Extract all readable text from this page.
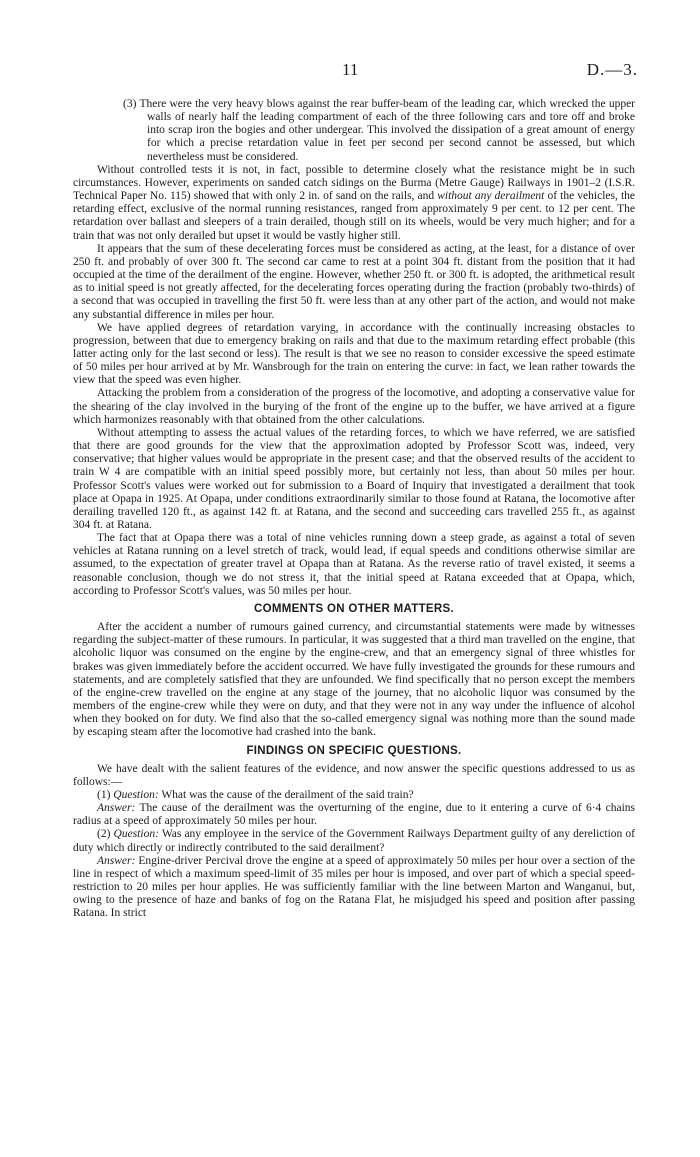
11	D.—3.

(3) There were the very heavy blows against the rear buffer-beam of the leading car, which wrecked the upper walls of nearly half the leading compartment of each of the three following cars and tore off and broke into scrap iron the bogies and other undergear. This involved the dissipation of a great amount of energy for which a precise retardation value in feet per second per second cannot be assessed, but which nevertheless must be considered.

Without controlled tests it is not, in fact, possible to determine closely what the resistance might be in such circumstances. However, experiments on sanded catch sidings on the Burma (Metre Gauge) Railways in 1901–2 (I.S.R. Technical Paper No. 115) showed that with only 2 in. of sand on the rails, and without any derailment of the vehicles, the retarding effect, exclusive of the normal running resistances, ranged from approximately 9 per cent. to 12 per cent. The retardation over ballast and sleepers of a train derailed, though still on its wheels, would be very much higher; and for a train that was not only derailed but upset it would be vastly higher still.

It appears that the sum of these decelerating forces must be considered as acting, at the least, for a distance of over 250 ft. and probably of over 300 ft. The second car came to rest at a point 304 ft. distant from the position that it had occupied at the time of the derailment of the engine. However, whether 250 ft. or 300 ft. is adopted, the arithmetical result as to initial speed is not greatly affected, for the decelerating forces operating during the fraction (probably two-thirds) of a second that was occupied in travelling the first 50 ft. were less than at any other part of the action, and would not make any substantial difference in miles per hour.

We have applied degrees of retardation varying, in accordance with the continually increasing obstacles to progression, between that due to emergency braking on rails and that due to the maximum retarding effect probable (this latter acting only for the last second or less). The result is that we see no reason to consider excessive the speed estimate of 50 miles per hour arrived at by Mr. Wansbrough for the train on entering the curve: in fact, we lean rather towards the view that the speed was even higher.

Attacking the problem from a consideration of the progress of the locomotive, and adopting a conservative value for the shearing of the clay involved in the burying of the front of the engine up to the buffer, we have arrived at a figure which harmonizes reasonably with that obtained from the other calculations.

Without attempting to assess the actual values of the retarding forces, to which we have referred, we are satisfied that there are good grounds for the view that the approximation adopted by Professor Scott was, indeed, very conservative; that higher values would be appropriate in the present case; and that the observed results of the accident to train W 4 are compatible with an initial speed possibly more, but certainly not less, than about 50 miles per hour. Professor Scott's values were worked out for submission to a Board of Inquiry that investigated a derailment that took place at Opapa in 1925. At Opapa, under conditions extraordinarily similar to those found at Ratana, the locomotive after derailing travelled 120 ft., as against 142 ft. at Ratana, and the second and succeeding cars travelled 255 ft., as against 304 ft. at Ratana.

The fact that at Opapa there was a total of nine vehicles running down a steep grade, as against a total of seven vehicles at Ratana running on a level stretch of track, would lead, if equal speeds and conditions otherwise similar are assumed, to the expectation of greater travel at Opapa than at Ratana. As the reverse ratio of travel existed, it seems a reasonable conclusion, though we do not stress it, that the initial speed at Ratana exceeded that at Opapa, which, according to Professor Scott's values, was 50 miles per hour.

COMMENTS ON OTHER MATTERS.

After the accident a number of rumours gained currency, and circumstantial statements were made by witnesses regarding the subject-matter of these rumours. In particular, it was suggested that a third man travelled on the engine, that alcoholic liquor was consumed on the engine by the engine-crew, and that an emergency signal of three whistles for brakes was given immediately before the accident occurred. We have fully investigated the grounds for these rumours and statements, and are completely satisfied that they are unfounded. We find specifically that no person except the members of the engine-crew travelled on the engine at any stage of the journey, that no alcoholic liquor was consumed by the members of the engine-crew while they were on duty, and that they were not in any way under the influence of alcohol when they booked on for duty. We find also that the so-called emergency signal was nothing more than the sound made by escaping steam after the locomotive had crashed into the bank.

FINDINGS ON SPECIFIC QUESTIONS.

We have dealt with the salient features of the evidence, and now answer the specific questions addressed to us as follows:—

(1) Question: What was the cause of the derailment of the said train?

Answer: The cause of the derailment was the overturning of the engine, due to it entering a curve of 6·4 chains radius at a speed of approximately 50 miles per hour.

(2) Question: Was any employee in the service of the Government Railways Department guilty of any dereliction of duty which directly or indirectly contributed to the said derailment?

Answer: Engine-driver Percival drove the engine at a speed of approximately 50 miles per hour over a section of the line in respect of which a maximum speed-limit of 35 miles per hour is imposed, and over part of which a special speed-restriction to 20 miles per hour applies. He was sufficiently familiar with the line between Marton and Wanganui, but, owing to the presence of haze and banks of fog on the Ratana Flat, he misjudged his speed and position after passing Ratana. In strict
